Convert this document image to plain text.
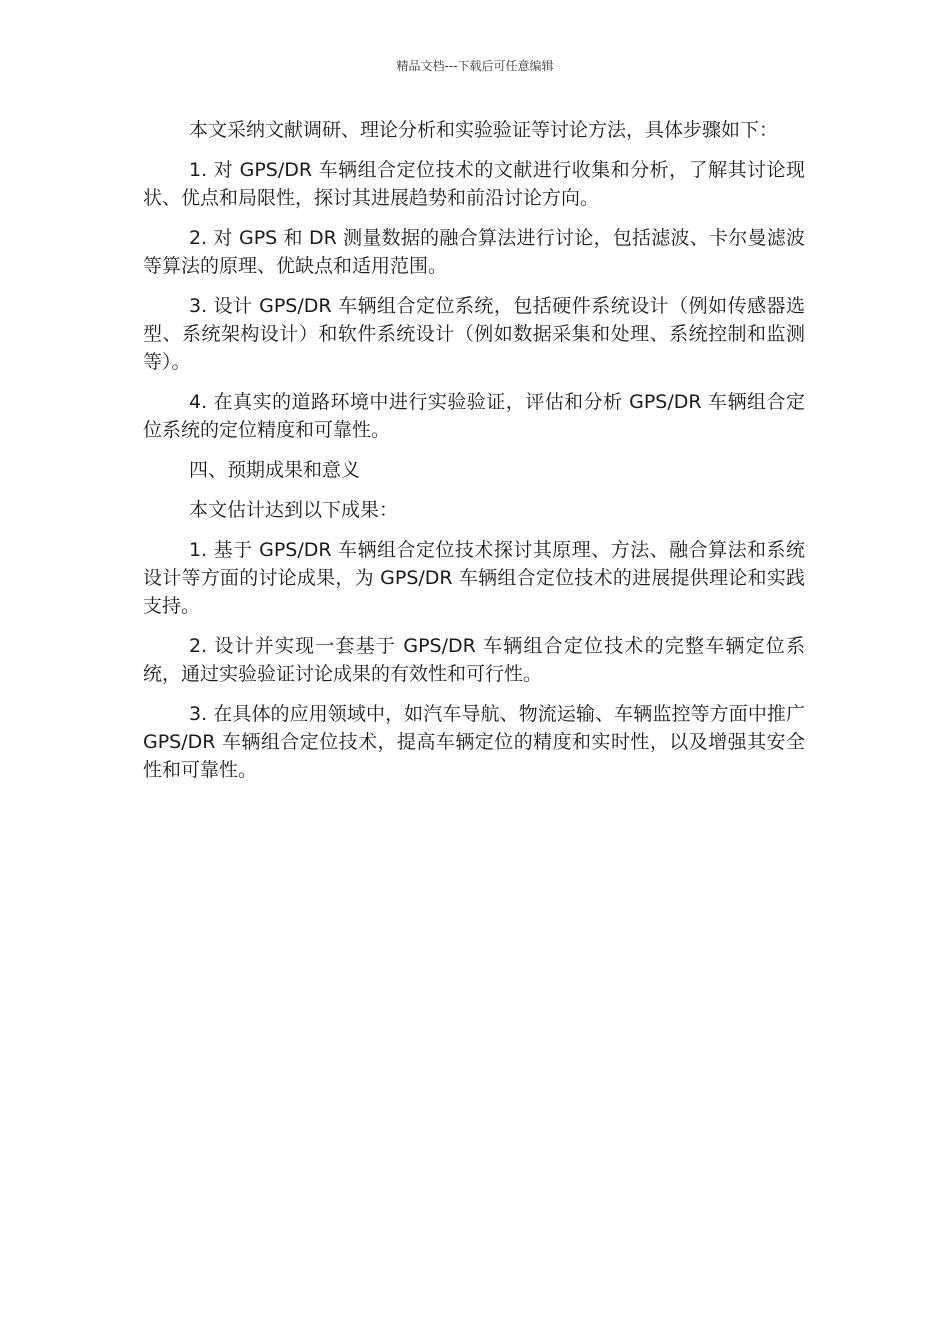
精品文档---下载后可任意编辑

本文采纳文献调研、理论分析和实验验证等讨论方法，具体步骤如下：

1. 对 GPS/DR 车辆组合定位技术的文献进行收集和分析，了解其讨论现状、优点和局限性，探讨其进展趋势和前沿讨论方向。

2. 对 GPS 和 DR 测量数据的融合算法进行讨论，包括滤波、卡尔曼滤波等算法的原理、优缺点和适用范围。

3. 设计 GPS/DR 车辆组合定位系统，包括硬件系统设计（例如传感器选型、系统架构设计）和软件系统设计（例如数据采集和处理、系统控制和监测等）。

4. 在真实的道路环境中进行实验验证，评估和分析 GPS/DR 车辆组合定位系统的定位精度和可靠性。

四、预期成果和意义

本文估计达到以下成果：

1. 基于 GPS/DR 车辆组合定位技术探讨其原理、方法、融合算法和系统设计等方面的讨论成果，为 GPS/DR 车辆组合定位技术的进展提供理论和实践支持。

2. 设计并实现一套基于 GPS/DR 车辆组合定位技术的完整车辆定位系统，通过实验验证讨论成果的有效性和可行性。

3. 在具体的应用领域中，如汽车导航、物流运输、车辆监控等方面中推广 GPS/DR 车辆组合定位技术，提高车辆定位的精度和实时性，以及增强其安全性和可靠性。
